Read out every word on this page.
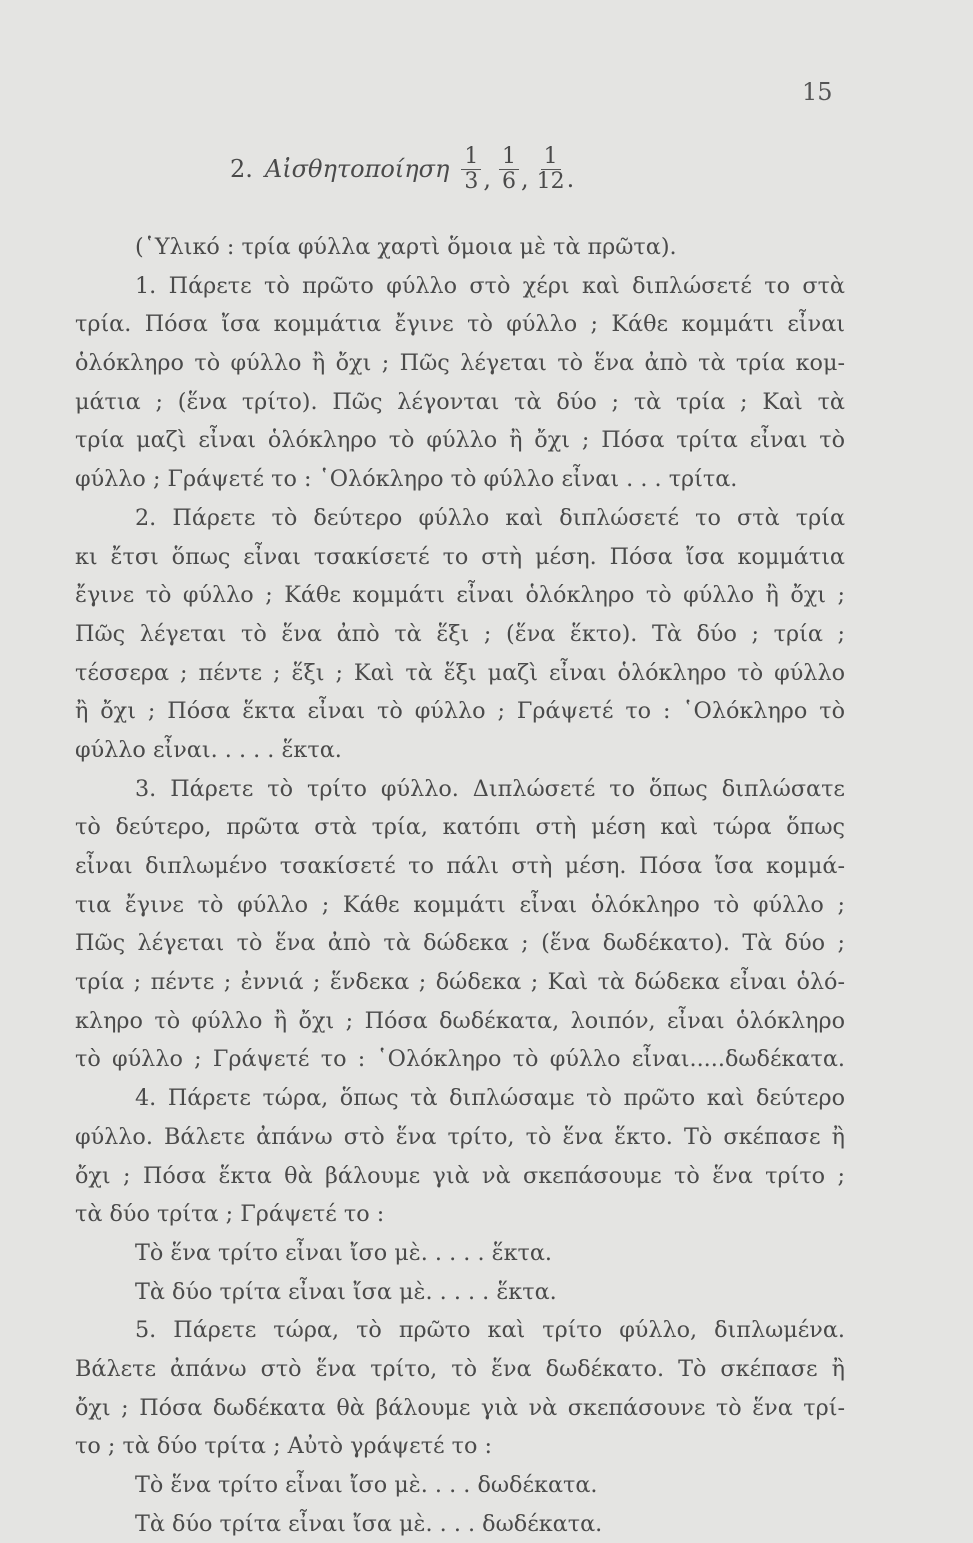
15
2. Αἰσθητοποίηση $\frac{1}{3}$ , $\frac{1}{6}$ , $\frac{1}{12}$ .
(῾Υλικό : τρία φύλλα χαρτὶ ὅμοια μὲ τὰ πρῶτα).
1. Πάρετε τὸ πρῶτο φύλλο στὸ χέρι καὶ διπλώσετέ το στὰ
τρία. Πόσα ἴσα κομμάτια ἔγινε τὸ φύλλο ; Κάθε κομμάτι εἶναι
ὁλόκληρο τὸ φύλλο ἢ ὄχι ; Πῶς λέγεται τὸ ἕνα ἀπὸ τὰ τρία κομ-
μάτια ; (ἕνα τρίτο). Πῶς λέγονται τὰ δύο ; τὰ τρία ; Καὶ τὰ
τρία μαζὶ εἶναι ὁλόκληρο τὸ φύλλο ἢ ὄχι ; Πόσα τρίτα εἶναι τὸ
φύλλο ; Γράψετέ το : ῾Ολόκληρο τὸ φύλλο εἶναι . . . τρίτα.
2. Πάρετε τὸ δεύτερο φύλλο καὶ διπλώσετέ το στὰ τρία
κι ἔτσι ὅπως εἶναι τσακίσετέ το στὴ μέση. Πόσα ἴσα κομμάτια
ἔγινε τὸ φύλλο ; Κάθε κομμάτι εἶναι ὁλόκληρο τὸ φύλλο ἢ ὄχι ;
Πῶς λέγεται τὸ ἕνα ἀπὸ τὰ ἕξι ; (ἕνα ἕκτο). Τὰ δύο ; τρία ;
τέσσερα ; πέντε ; ἕξι ; Καὶ τὰ ἕξι μαζὶ εἶναι ὁλόκληρο τὸ φύλλο
ἢ ὄχι ; Πόσα ἕκτα εἶναι τὸ φύλλο ; Γράψετέ το : ῾Ολόκληρο τὸ
φύλλο εἶναι. . . . . ἕκτα.
3. Πάρετε τὸ τρίτο φύλλο. Διπλώσετέ το ὅπως διπλώσατε
τὸ δεύτερο, πρῶτα στὰ τρία, κατόπι στὴ μέση καὶ τώρα ὅπως
εἶναι διπλωμένο τσακίσετέ το πάλι στὴ μέση. Πόσα ἴσα κομμά-
τια ἔγινε τὸ φύλλο ; Κάθε κομμάτι εἶναι ὁλόκληρο τὸ φύλλο ;
Πῶς λέγεται τὸ ἕνα ἀπὸ τὰ δώδεκα ; (ἕνα δωδέκατο). Τὰ δύο ;
τρία ; πέντε ; ἐννιά ; ἕνδεκα ; δώδεκα ; Καὶ τὰ δώδεκα εἶναι ὁλό-
κληρο τὸ φύλλο ἢ ὄχι ; Πόσα δωδέκατα, λοιπόν, εἶναι ὁλόκληρο
τὸ φύλλο ; Γράψετέ το : ῾Ολόκληρο τὸ φύλλο εἶναι.....δωδέκατα.
4. Πάρετε τώρα, ὅπως τὰ διπλώσαμε τὸ πρῶτο καὶ δεύτερο
φύλλο. Βάλετε ἀπάνω στὸ ἕνα τρίτο, τὸ ἕνα ἕκτο. Τὸ σκέπασε ἢ
ὄχι ; Πόσα ἕκτα θὰ βάλουμε γιὰ νὰ σκεπάσουμε τὸ ἕνα τρίτο ;
τὰ δύο τρίτα ; Γράψετέ το :
Τὸ ἕνα τρίτο εἶναι ἴσο μὲ. . . . . ἕκτα.
Τὰ δύο τρίτα εἶναι ἴσα μὲ. . . . . ἕκτα.
5. Πάρετε τώρα, τὸ πρῶτο καὶ τρίτο φύλλο, διπλωμένα.
Βάλετε ἀπάνω στὸ ἕνα τρίτο, τὸ ἕνα δωδέκατο. Τὸ σκέπασε ἢ
ὄχι ; Πόσα δωδέκατα θὰ βάλουμε γιὰ νὰ σκεπάσουνε τὸ ἕνα τρί-
το ; τὰ δύο τρίτα ; Αὐτὸ γράψετέ το :
Τὸ ἕνα τρίτο εἶναι ἴσο μὲ. . . . δωδέκατα.
Τὰ δύο τρίτα εἶναι ἴσα μὲ. . . . δωδέκατα.
